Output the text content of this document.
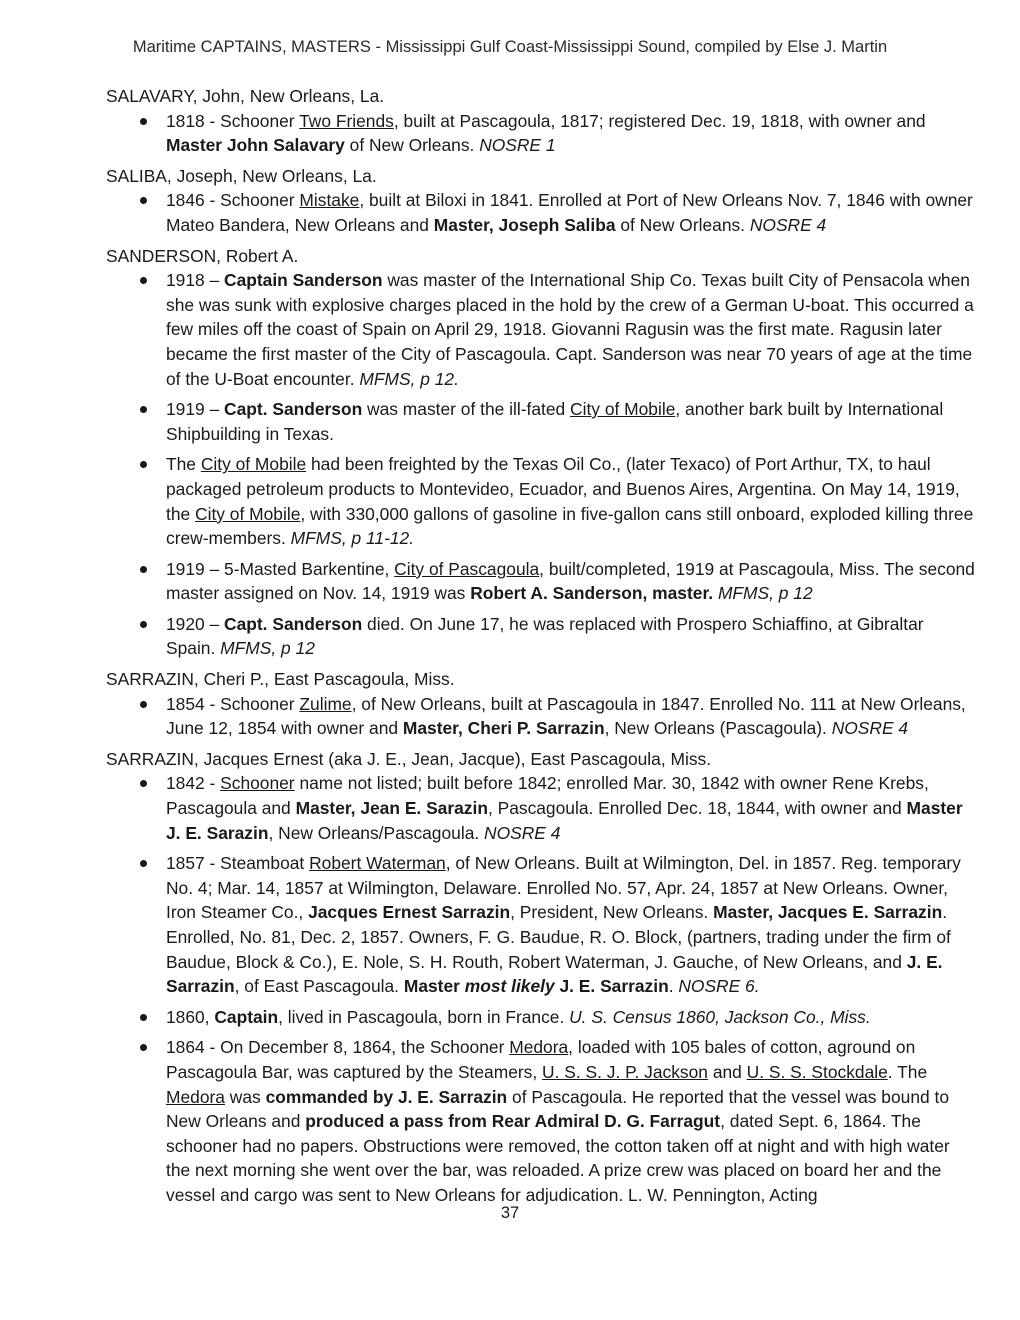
Maritime CAPTAINS, MASTERS - Mississippi Gulf Coast-Mississippi Sound, compiled by Else J. Martin
SALAVARY, John, New Orleans, La.
1818 - Schooner Two Friends, built at Pascagoula, 1817; registered Dec. 19, 1818, with owner and Master John Salavary of New Orleans. NOSRE 1
SALIBA, Joseph, New Orleans, La.
1846 - Schooner Mistake, built at Biloxi in 1841. Enrolled at Port of New Orleans Nov. 7, 1846 with owner Mateo Bandera, New Orleans and Master, Joseph Saliba of New Orleans. NOSRE 4
SANDERSON, Robert A.
1918 – Captain Sanderson was master of the International Ship Co. Texas built City of Pensacola when she was sunk with explosive charges placed in the hold by the crew of a German U-boat. This occurred a few miles off the coast of Spain on April 29, 1918. Giovanni Ragusin was the first mate. Ragusin later became the first master of the City of Pascagoula. Capt. Sanderson was near 70 years of age at the time of the U-Boat encounter. MFMS, p 12.
1919 – Capt. Sanderson was master of the ill-fated City of Mobile, another bark built by International Shipbuilding in Texas.
The City of Mobile had been freighted by the Texas Oil Co., (later Texaco) of Port Arthur, TX, to haul packaged petroleum products to Montevideo, Ecuador, and Buenos Aires, Argentina. On May 14, 1919, the City of Mobile, with 330,000 gallons of gasoline in five-gallon cans still onboard, exploded killing three crew-members. MFMS, p 11-12.
1919 – 5-Masted Barkentine, City of Pascagoula, built/completed, 1919 at Pascagoula, Miss. The second master assigned on Nov. 14, 1919 was Robert A. Sanderson, master. MFMS, p 12
1920 – Capt. Sanderson died. On June 17, he was replaced with Prospero Schiaffino, at Gibraltar Spain. MFMS, p 12
SARRAZIN, Cheri P., East Pascagoula, Miss.
1854 - Schooner Zulime, of New Orleans, built at Pascagoula in 1847. Enrolled No. 111 at New Orleans, June 12, 1854 with owner and Master, Cheri P. Sarrazin, New Orleans (Pascagoula). NOSRE 4
SARRAZIN, Jacques Ernest (aka J. E., Jean, Jacque), East Pascagoula, Miss.
1842 - Schooner name not listed; built before 1842; enrolled Mar. 30, 1842 with owner Rene Krebs, Pascagoula and Master, Jean E. Sarazin, Pascagoula. Enrolled Dec. 18, 1844, with owner and Master J. E. Sarazin, New Orleans/Pascagoula. NOSRE 4
1857 - Steamboat Robert Waterman, of New Orleans. Built at Wilmington, Del. in 1857. Reg. temporary No. 4; Mar. 14, 1857 at Wilmington, Delaware. Enrolled No. 57, Apr. 24, 1857 at New Orleans. Owner, Iron Steamer Co., Jacques Ernest Sarrazin, President, New Orleans. Master, Jacques E. Sarrazin. Enrolled, No. 81, Dec. 2, 1857. Owners, F. G. Baudue, R. O. Block, (partners, trading under the firm of Baudue, Block & Co.), E. Nole, S. H. Routh, Robert Waterman, J. Gauche, of New Orleans, and J. E. Sarrazin, of East Pascagoula. Master most likely J. E. Sarrazin. NOSRE 6.
1860, Captain, lived in Pascagoula, born in France. U. S. Census 1860, Jackson Co., Miss.
1864 - On December 8, 1864, the Schooner Medora, loaded with 105 bales of cotton, aground on Pascagoula Bar, was captured by the Steamers, U. S. S. J. P. Jackson and U. S. S. Stockdale. The Medora was commanded by J. E. Sarrazin of Pascagoula. He reported that the vessel was bound to New Orleans and produced a pass from Rear Admiral D. G. Farragut, dated Sept. 6, 1864. The schooner had no papers. Obstructions were removed, the cotton taken off at night and with high water the next morning she went over the bar, was reloaded. A prize crew was placed on board her and the vessel and cargo was sent to New Orleans for adjudication. L. W. Pennington, Acting
37
